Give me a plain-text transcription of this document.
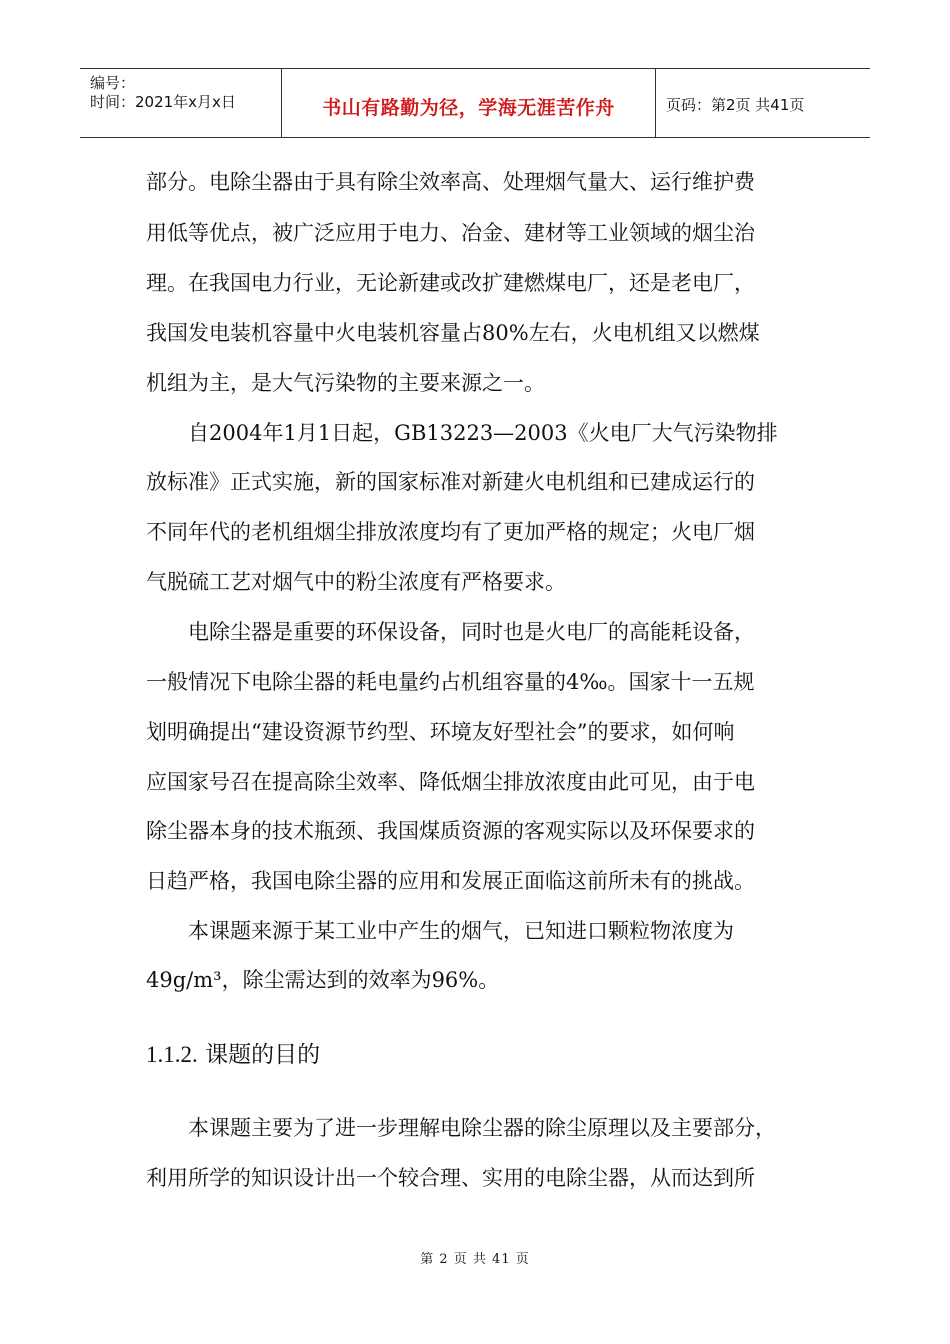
编号：
时间：2021年x月x日	书山有路勤为径，学海无涯苦作舟	页码：第2页 共41页
部分。电除尘器由于具有除尘效率高、处理烟气量大、运行维护费
用低等优点，被广泛应用于电力、冶金、建材等工业领域的烟尘治
理。在我国电力行业，无论新建或改扩建燃煤电厂，还是老电厂，
我国发电装机容量中火电装机容量占80%左右，火电机组又以燃煤
机组为主，是大气污染物的主要来源之一。
　　自2004年1月1日起，GB13223—2003《火电厂大气污染物排
放标准》正式实施，新的国家标准对新建火电机组和已建成运行的
不同年代的老机组烟尘排放浓度均有了更加严格的规定；火电厂烟
气脱硫工艺对烟气中的粉尘浓度有严格要求。
　　电除尘器是重要的环保设备，同时也是火电厂的高能耗设备，
一般情况下电除尘器的耗电量约占机组容量的4‰。国家十一五规
划明确提出“建设资源节约型、环境友好型社会”的要求，如何响
应国家号召在提高除尘效率、降低烟尘排放浓度由此可见，由于电
除尘器本身的技术瓶颈、我国煤质资源的客观实际以及环保要求的
日趋严格，我国电除尘器的应用和发展正面临这前所未有的挑战。
　　本课题来源于某工业中产生的烟气，已知进口颗粒物浓度为
49g/m³，除尘需达到的效率为96%。
1.1.2. 课题的目的
　　本课题主要为了进一步理解电除尘器的除尘原理以及主要部分，
利用所学的知识设计出一个较合理、实用的电除尘器，从而达到所
第 2 页 共 41 页
